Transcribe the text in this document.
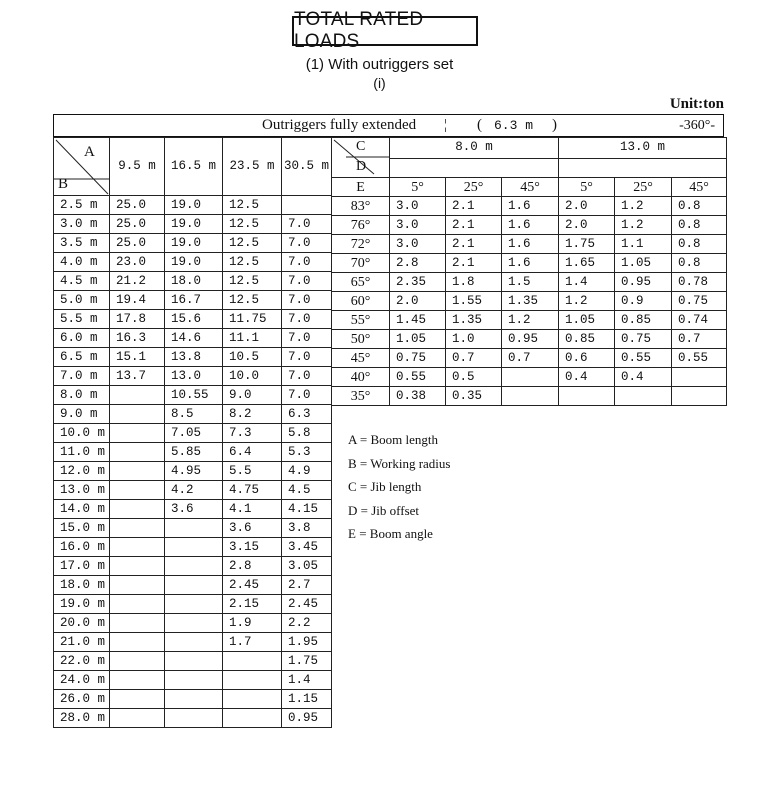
TOTAL RATED LOADS
(1) With outriggers set
(i)
Unit:ton
Outriggers fully extended ¦ ( 6.3 m )	-360°-
A
B	9.5 m	16.5 m	23.5 m	30.5 m
2.5 m	25.0	19.0	12.5	
3.0 m	25.0	19.0	12.5	7.0
3.5 m	25.0	19.0	12.5	7.0
4.0 m	23.0	19.0	12.5	7.0
4.5 m	21.2	18.0	12.5	7.0
5.0 m	19.4	16.7	12.5	7.0
5.5 m	17.8	15.6	11.75	7.0
6.0 m	16.3	14.6	11.1	7.0
6.5 m	15.1	13.8	10.5	7.0
7.0 m	13.7	13.0	10.0	7.0
8.0 m		10.55	9.0	7.0
9.0 m		8.5	8.2	6.3
10.0 m		7.05	7.3	5.8
11.0 m		5.85	6.4	5.3
12.0 m		4.95	5.5	4.9
13.0 m		4.2	4.75	4.5
14.0 m		3.6	4.1	4.15
15.0 m			3.6	3.8
16.0 m			3.15	3.45
17.0 m			2.8	3.05
18.0 m			2.45	2.7
19.0 m			2.15	2.45
20.0 m			1.9	2.2
21.0 m			1.7	1.95
22.0 m				1.75
24.0 m				1.4
26.0 m				1.15
28.0 m				0.95
C
D	8.0 m			13.0 m		

E	5°	25°	45°	5°	25°	45°
83°	3.0	2.1	1.6	2.0	1.2	0.8
76°	3.0	2.1	1.6	2.0	1.2	0.8
72°	3.0	2.1	1.6	1.75	1.1	0.8
70°	2.8	2.1	1.6	1.65	1.05	0.8
65°	2.35	1.8	1.5	1.4	0.95	0.78
60°	2.0	1.55	1.35	1.2	0.9	0.75
55°	1.45	1.35	1.2	1.05	0.85	0.74
50°	1.05	1.0	0.95	0.85	0.75	0.7
45°	0.75	0.7	0.7	0.6	0.55	0.55
40°	0.55	0.5		0.4	0.4	
35°	0.38	0.35				
A = Boom length
B = Working radius
C = Jib length
D = Jib offset
E = Boom angle
